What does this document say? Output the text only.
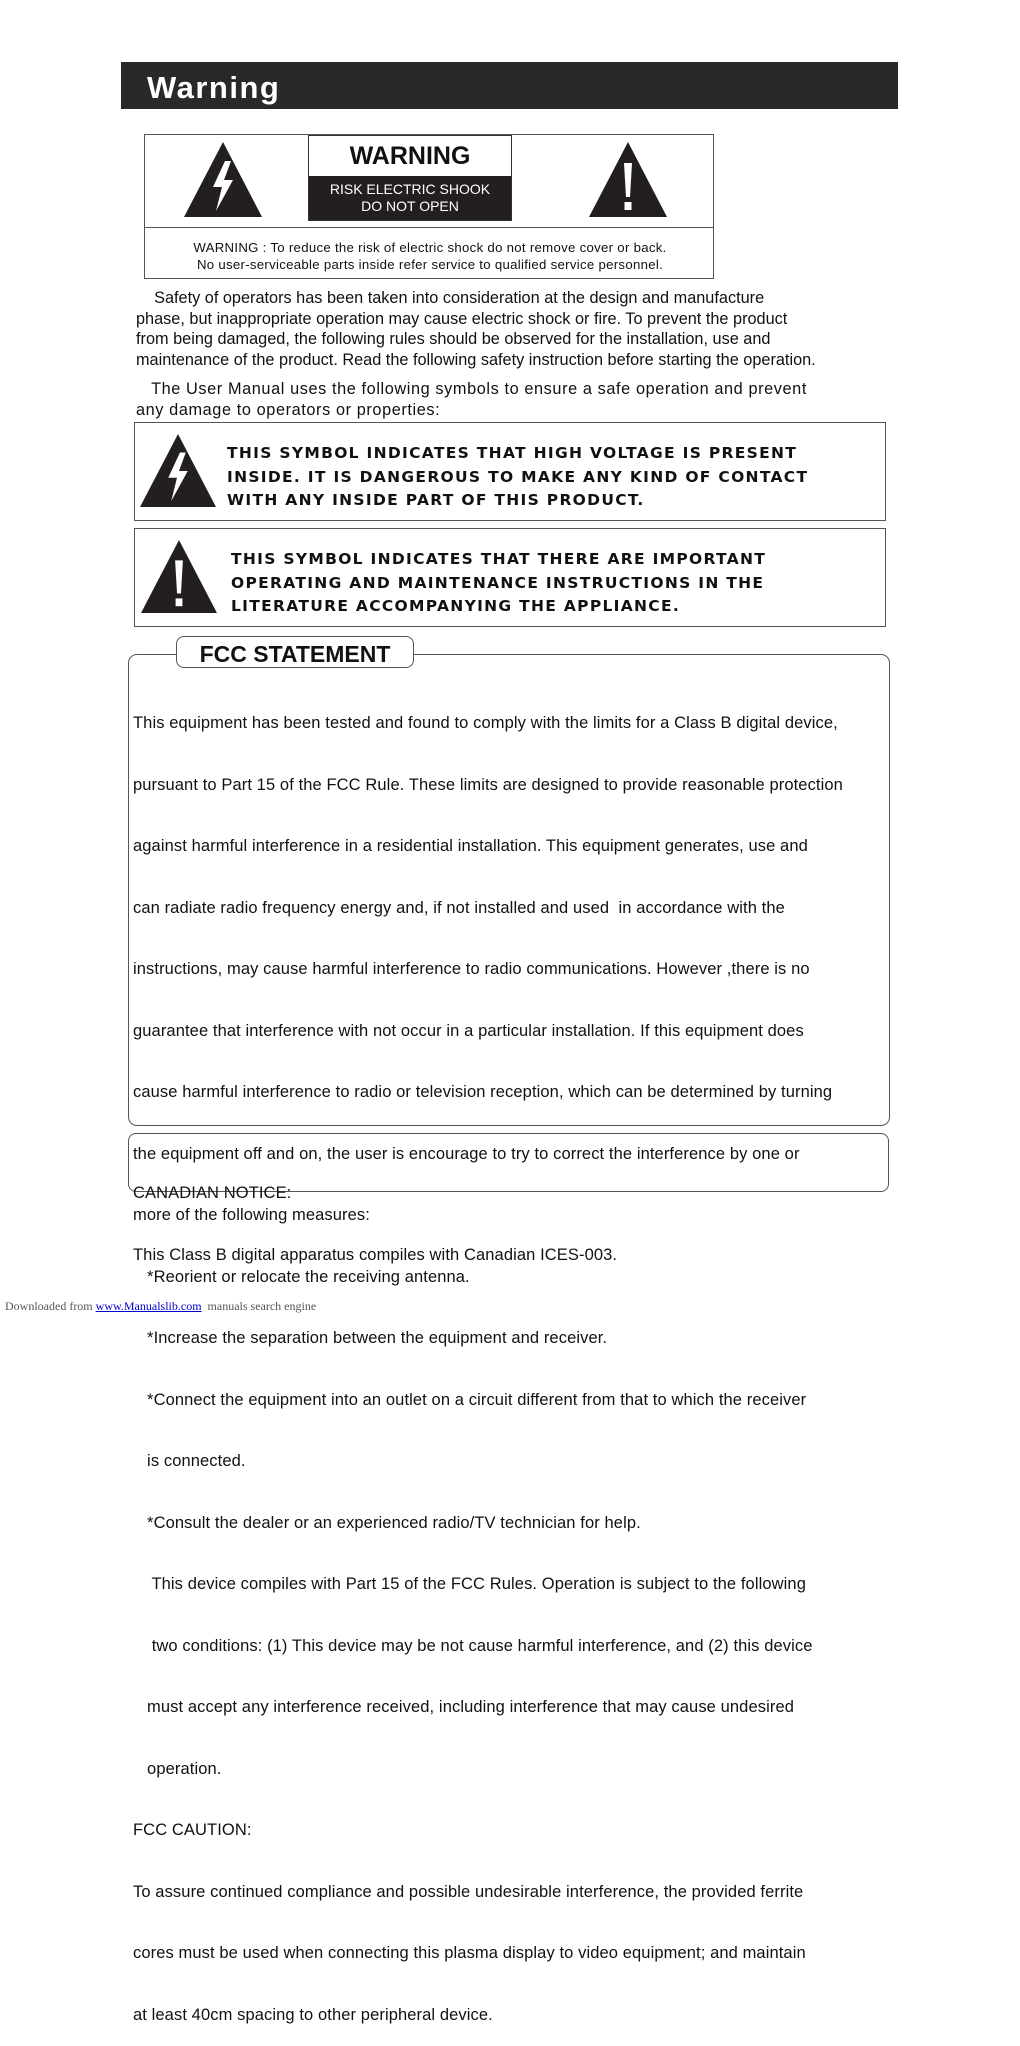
Warning
WARNING
RISK ELECTRIC SHOOK
DO NOT OPEN
WARNING : To reduce the risk of electric shock do not remove cover or back.
No user-serviceable parts inside refer service to qualified service personnel.
Safety of operators has been taken into consideration at the design and manufacture
phase, but inappropriate operation may cause electric shock or fire. To prevent the product
from being damaged, the following rules should be observed for the installation, use and
maintenance of the product. Read the following safety instruction before starting the operation.
The User Manual uses the following symbols to ensure a safe operation and prevent
any damage to operators or properties:
THIS SYMBOL INDICATES THAT HIGH VOLTAGE IS PRESENT
INSIDE. IT IS DANGEROUS TO MAKE ANY KIND OF CONTACT
WITH ANY INSIDE PART OF THIS PRODUCT.
THIS SYMBOL INDICATES THAT THERE ARE IMPORTANT
OPERATING AND MAINTENANCE INSTRUCTIONS IN THE
LITERATURE ACCOMPANYING THE APPLIANCE.
FCC STATEMENT

This equipment has been tested and found to comply with the limits for a Class B digital device,

pursuant to Part 15 of the FCC Rule. These limits are designed to provide reasonable protection

against harmful interference in a residential installation. This equipment generates, use and

can radiate radio frequency energy and, if not installed and used  in accordance with the

instructions, may cause harmful interference to radio communications. However ,there is no

guarantee that interference with not occur in a particular installation. If this equipment does

cause harmful interference to radio or television reception, which can be determined by turning

the equipment off and on, the user is encourage to try to correct the interference by one or

more of the following measures:

*Reorient or relocate the receiving antenna.

*Increase the separation between the equipment and receiver.

*Connect the equipment into an outlet on a circuit different from that to which the receiver

is connected.

*Consult the dealer or an experienced radio/TV technician for help.

This device compiles with Part 15 of the FCC Rules. Operation is subject to the following

two conditions: (1) This device may be not cause harmful interference, and (2) this device

must accept any interference received, including interference that may cause undesired

operation.

FCC CAUTION:

To assure continued compliance and possible undesirable interference, the provided ferrite

cores must be used when connecting this plasma display to video equipment; and maintain

at least 40cm spacing to other peripheral device.

CANADIAN NOTICE:

This Class B digital apparatus compiles with Canadian ICES-003.

Downloaded from www.Manualslib.com  manuals search engine
